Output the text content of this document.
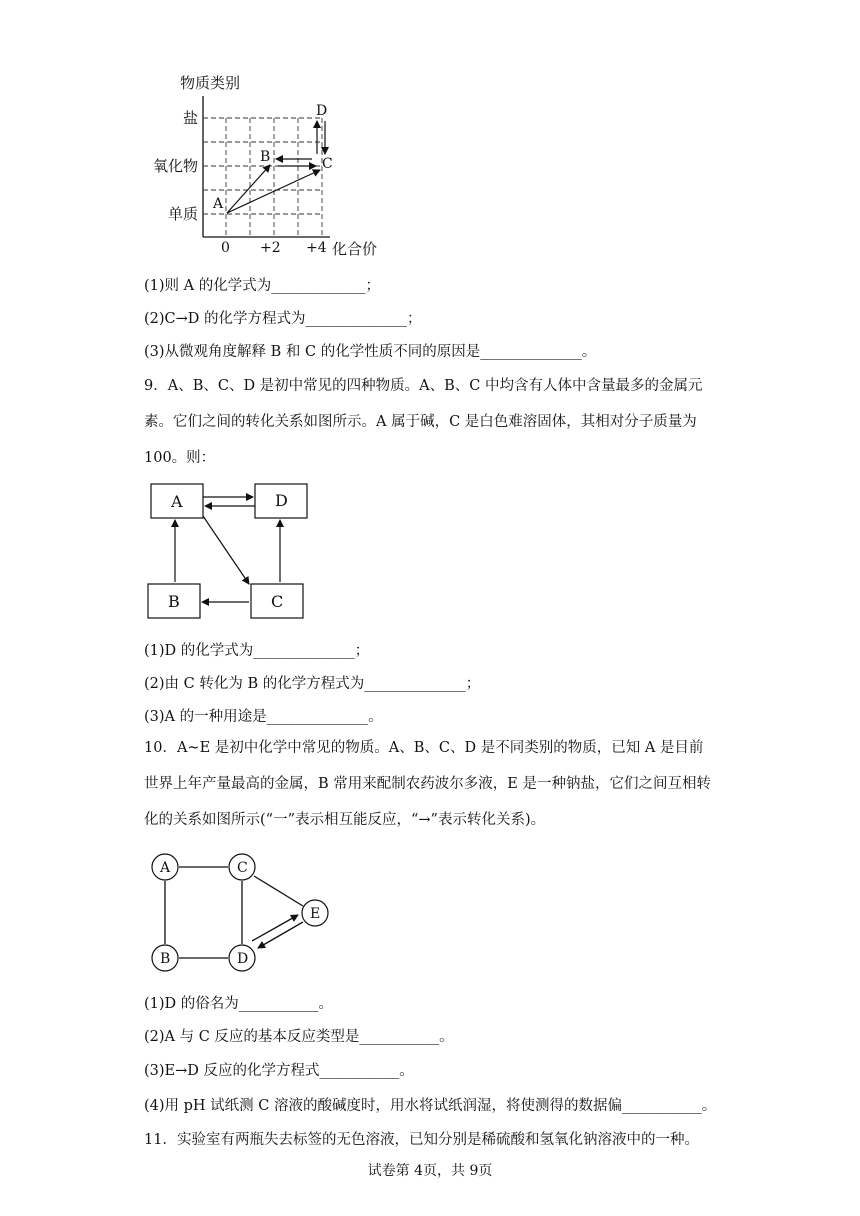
物质类别
盐
氧化物
单质
0 +2 +4 化合价
A
B	C
D
(1)则 A 的化学式为_____________；
(2)C→D 的化学方程式为______________；
(3)从微观角度解释 B 和 C 的化学性质不同的原因是______________。
9．A、B、C、D 是初中常见的四种物质。A、B、C 中均含有人体中含量最多的金属元素。它们之间的转化关系如图所示。A 属于碱，C 是白色难溶固体，其相对分子质量为 100。则：
A	D
B	C
(1)D 的化学式为______________；
(2)由 C 转化为 B 的化学方程式为______________；
(3)A 的一种用途是______________。
10．A~E 是初中化学中常见的物质。A、B、C、D 是不同类别的物质，已知 A 是目前世界上年产量最高的金属，B 常用来配制农药波尔多液，E 是一种钠盐，它们之间互相转化的关系如图所示(“一”表示相互能反应，“→”表示转化关系)。
A	C
E
B	D
(1)D 的俗名为___________。
(2)A 与 C 反应的基本反应类型是___________。
(3)E→D 反应的化学方程式___________。
(4)用 pH 试纸测 C 溶液的酸碱度时，用水将试纸润湿，将使测得的数据偏___________。
11．实验室有两瓶失去标签的无色溶液，已知分别是稀硫酸和氢氧化钠溶液中的一种。
试卷第 4页，共 9页
